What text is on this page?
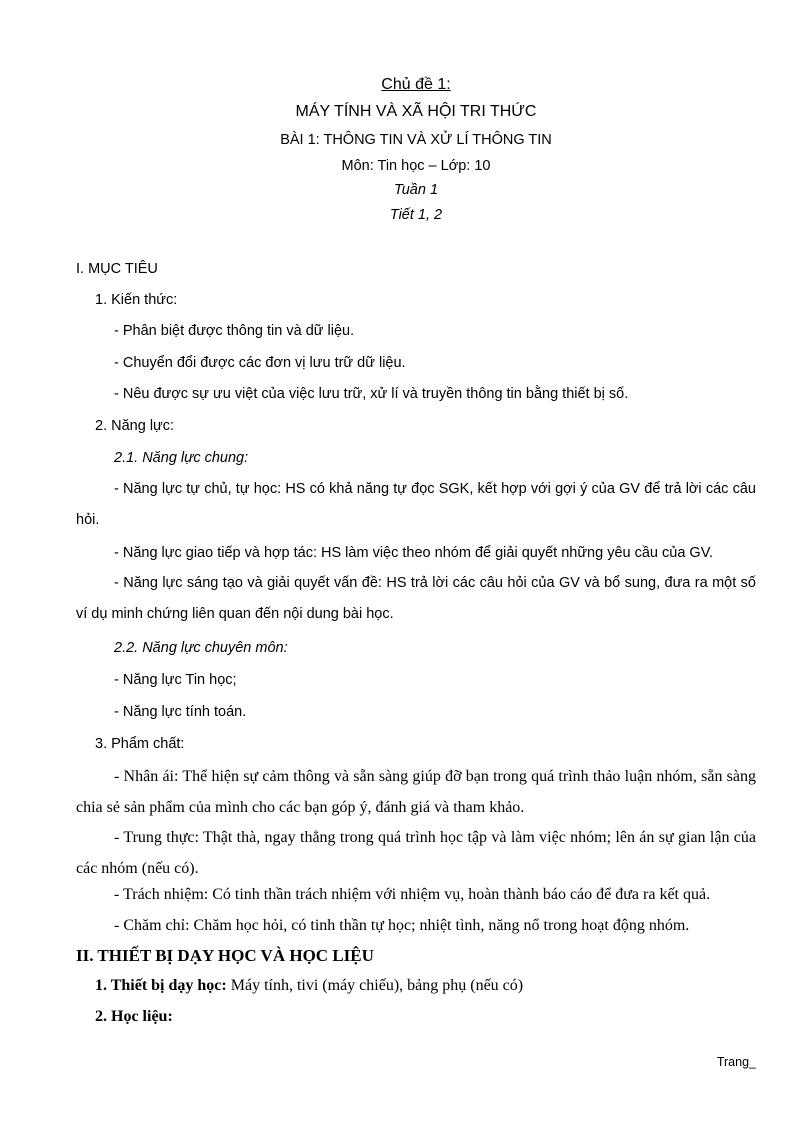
Chủ đề 1:
MÁY TÍNH VÀ XÃ HỘI TRI THỨC
BÀI 1: THÔNG TIN VÀ XỬ LÍ THÔNG TIN
Môn: Tin học – Lớp: 10
Tuần 1
Tiết 1, 2
I. MỤC TIÊU
1. Kiến thức:
- Phân biệt được thông tin và dữ liệu.
- Chuyển đổi được các đơn vị lưu trữ dữ liệu.
- Nêu được sự ưu việt của việc lưu trữ, xử lí và truyền thông tin bằng thiết bị số.
2. Năng lực:
2.1. Năng lực chung:
- Năng lực tự chủ, tự học: HS có khả năng tự đọc SGK, kết hợp với gợi ý của GV để trả lời các câu hỏi.
- Năng lực giao tiếp và hợp tác: HS làm việc theo nhóm để giải quyết những yêu cầu của GV.
- Năng lực sáng tạo và giải quyết vấn đề: HS trả lời các câu hỏi của GV và bổ sung, đưa ra một số ví dụ minh chứng liên quan đến nội dung bài học.
2.2. Năng lực chuyên môn:
- Năng lực Tin học;
- Năng lực tính toán.
3. Phẩm chất:
- Nhân ái: Thể hiện sự cảm thông và sẵn sàng giúp đỡ bạn trong quá trình thảo luận nhóm, sẵn sàng chia sẻ sản phẩm của mình cho các bạn góp ý, đánh giá và tham khảo.
- Trung thực: Thật thà, ngay thẳng trong quá trình học tập và làm việc nhóm; lên án sự gian lận của các nhóm (nếu có).
- Trách nhiệm: Có tinh thần trách nhiệm với nhiệm vụ, hoàn thành báo cáo để đưa ra kết quả.
- Chăm chỉ: Chăm học hỏi, có tinh thần tự học; nhiệt tình, năng nổ trong hoạt động nhóm.
II. THIẾT BỊ DẠY HỌC VÀ HỌC LIỆU
1. Thiết bị dạy học: Máy tính, tivi (máy chiếu), bảng phụ (nếu có)
2. Học liệu:
Trang_
